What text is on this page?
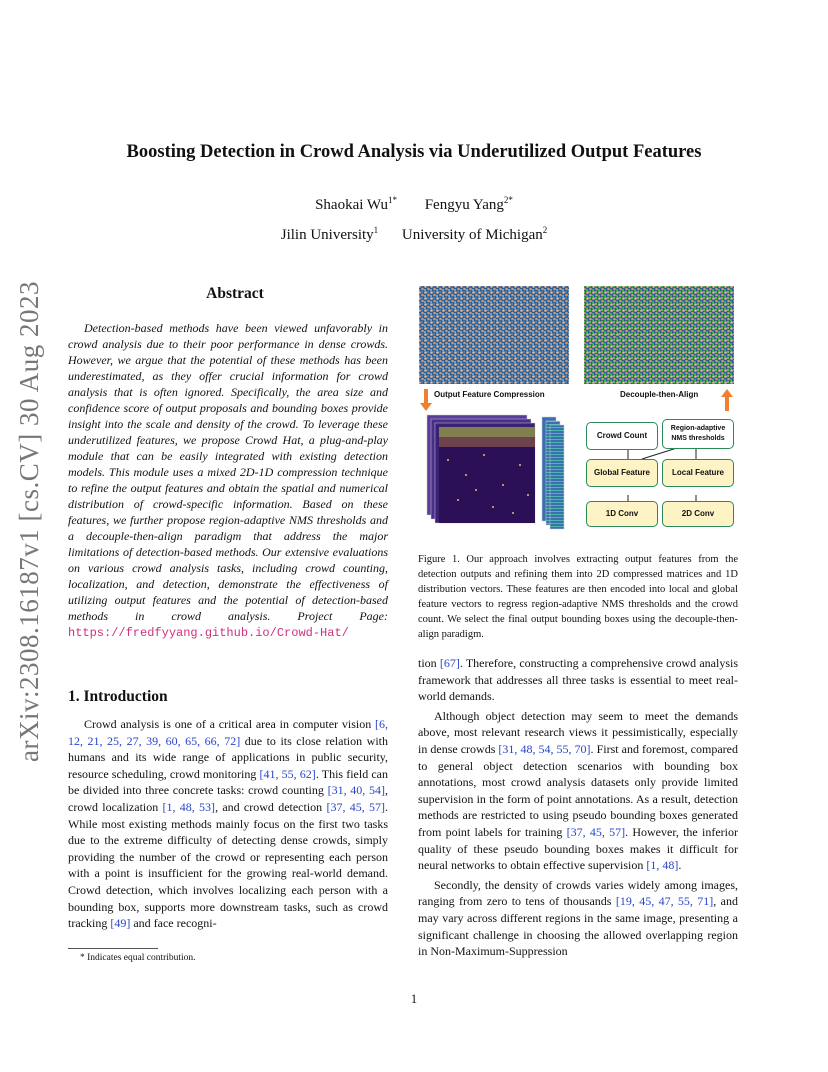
arXiv:2308.16187v1 [cs.CV] 30 Aug 2023
Boosting Detection in Crowd Analysis via Underutilized Output Features
Shaokai $Wu^{1*}$ Fengyu Yang$^{2*}$
Jilin University$^1$ University of Michigan$^2$
Abstract

Detection-based methods have been viewed unfavorably in crowd analysis due to their poor performance in dense crowds. However, we argue that the potential of these methods has been underestimated, as they offer crucial information for crowd analysis that is often ignored. Specifically, the area size and confidence score of output proposals and bounding boxes provide insight into the scale and density of the crowd. To leverage these underutilized features, we propose Crowd Hat, a plug-and-play module that can be easily integrated with existing detection models. This module uses a mixed 2D-1D compression technique to refine the output features and obtain the spatial and numerical distribution of crowd-specific information. Based on these features, we further propose region-adaptive NMS thresholds and a decouple-then-align paradigm that address the major limitations of detection-based methods. Our extensive evaluations on various crowd analysis tasks, including crowd counting, localization, and detection, demonstrate the effectiveness of utilizing output features and the potential of detection-based methods in crowd analysis. Project Page: https://fredfyyang.github.io/Crowd-Hat/

1. Introduction

Crowd analysis is one of a critical area in computer vision [6, 12, 21, 25, 27, 39, 60, 65, 66, 72] due to its close relation with humans and its wide range of applications in public security, resource scheduling, crowd monitoring [41, 55, 62]. This field can be divided into three concrete tasks: crowd counting [31, 40, 54], crowd localization [1, 48, 53], and crowd detection [37, 45, 57]. While most existing methods mainly focus on the first two tasks due to the extreme difficulty of detecting dense crowds, simply providing the number of the crowd or representing each person with a point is insufficient for the growing real-world demand. Crowd detection, which involves localizing each person with a bounding box, supports more downstream tasks, such as crowd tracking [49] and face recogni-

* Indicates equal contribution.
1
Output Feature Compression	Decouple-then-Align
Crowd Count
Region-adaptive NMS thresholds
Global Feature	Local Feature
1D Conv	2D Conv

Figure 1. Our approach involves extracting output features from the detection outputs and refining them into 2D compressed matrices and 1D distribution vectors. These features are then encoded into local and global feature vectors to regress region-adaptive NMS thresholds and the crowd count. We select the final output bounding boxes using the decouple-then-align paradigm.

tion [67]. Therefore, constructing a comprehensive crowd analysis framework that addresses all three tasks is essential to meet real-world demands.

Although object detection may seem to meet the demands above, most relevant research views it pessimistically, especially in dense crowds [31, 48, 54, 55, 70]. First and foremost, compared to general object detection scenarios with bounding box annotations, most crowd analysis datasets only provide limited supervision in the form of point annotations. As a result, detection methods are restricted to using pseudo bounding boxes generated from point labels for training [37, 45, 57]. However, the inferior quality of these pseudo bounding boxes makes it difficult for neural networks to obtain effective supervision [1, 48].

Secondly, the density of crowds varies widely among images, ranging from zero to tens of thousands [19, 45, 47, 55, 71], and may vary across different regions in the same image, presenting a significant challenge in choosing the allowed overlapping region in Non-Maximum-Suppression
